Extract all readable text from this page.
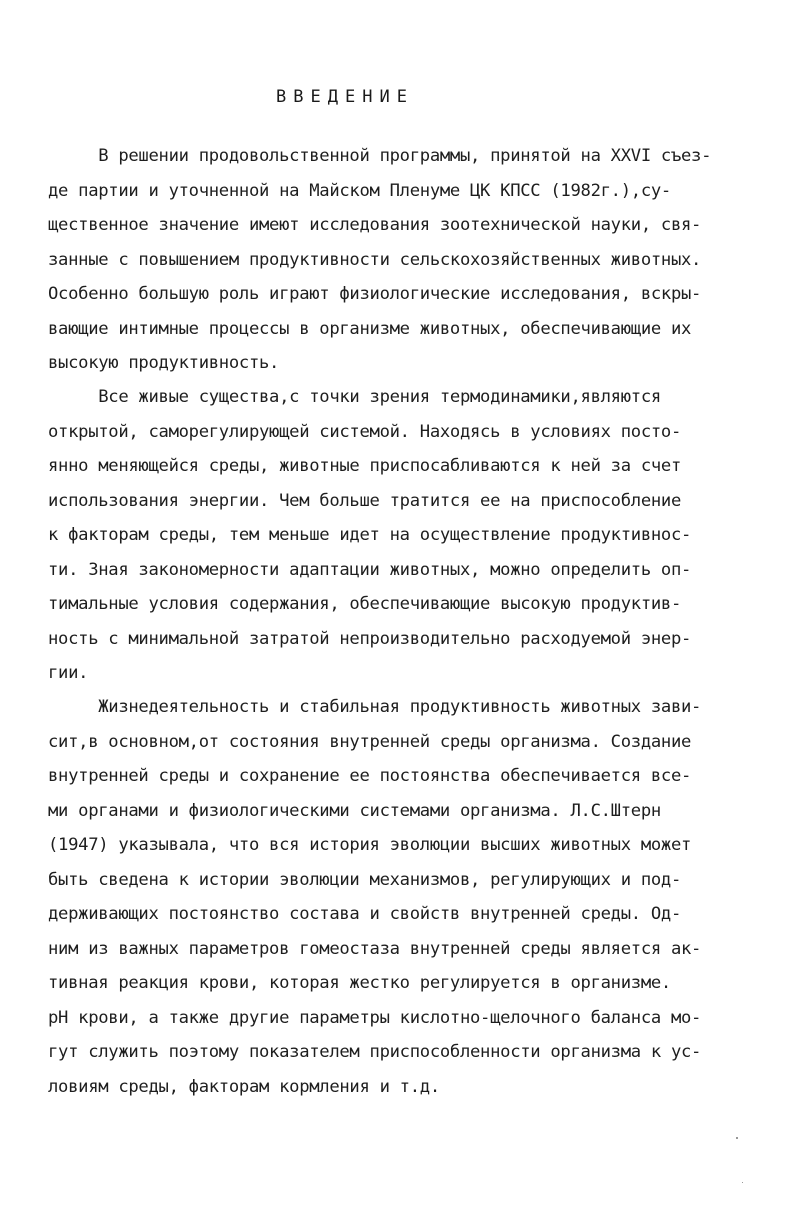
ВВЕДЕНИЕ
В решении продовольственной программы, принятой на ХХVI съез-
де партии и уточненной на Майском Пленуме ЦК КПСС (1982г.),су-
щественное значение имеют исследования зоотехнической науки, свя-
занные с повышением продуктивности сельскохозяйственных животных.
Особенно большую роль играют физиологические исследования, вскры-
вающие интимные процессы в организме животных, обеспечивающие их
высокую продуктивность.
Все живые существа,с точки зрения термодинамики,являются
открытой, саморегулирующей системой. Находясь в условиях посто-
янно меняющейся среды, животные приспосабливаются к ней за счет
использования энергии. Чем больше тратится ее на приспособление
к факторам среды, тем меньше идет на осуществление продуктивнос-
ти. Зная закономерности адаптации животных, можно определить оп-
тимальные условия содержания, обеспечивающие высокую продуктив-
ность с минимальной затратой непроизводительно расходуемой энер-
гии.
Жизнедеятельность и стабильная продуктивность животных зави-
сит,в основном,от состояния внутренней среды организма. Создание
внутренней среды и сохранение ее постоянства обеспечивается все-
ми органами и физиологическими системами организма. Л.С.Штерн
(1947) указывала, что вся история эволюции высших животных может
быть сведена к истории эволюции механизмов, регулирующих и под-
держивающих постоянство состава и свойств внутренней среды. Од-
ним из важных параметров гомеостаза внутренней среды является ак-
тивная реакция крови, которая жестко регулируется в организме.
рН крови, а также другие параметры кислотно-щелочного баланса мо-
гут служить поэтому показателем приспособленности организма к ус-
ловиям среды, факторам кормления и т.д.
